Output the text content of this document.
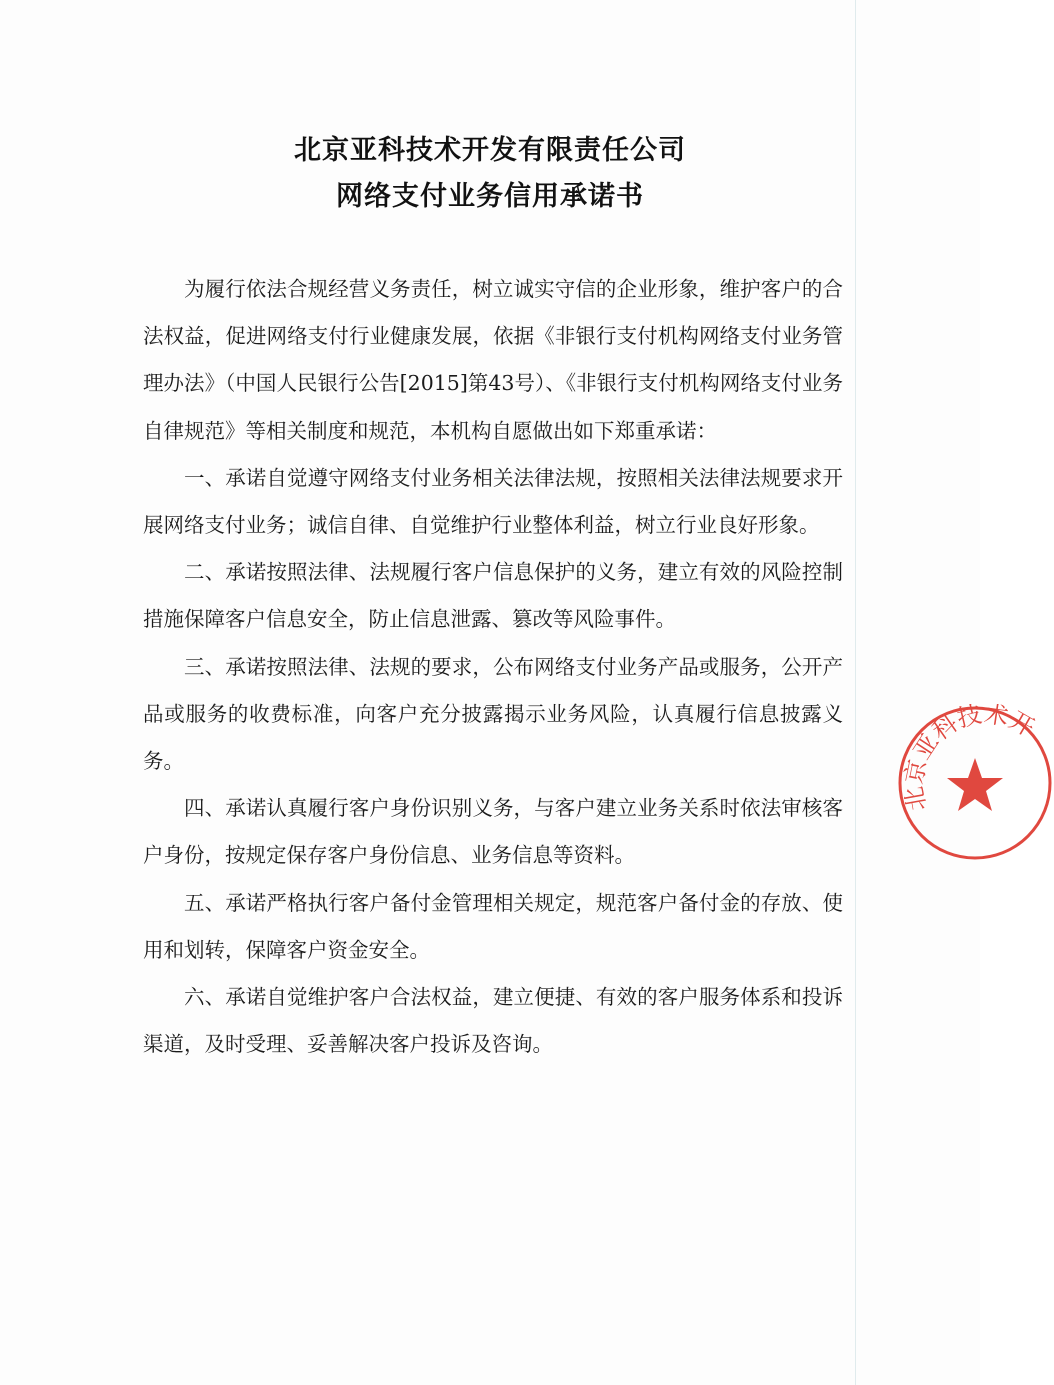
北京亚科技术开发有限责任公司
网络支付业务信用承诺书

为履行依法合规经营义务责任，树立诚实守信的企业形象，维护客户的合法权益，促进网络支付行业健康发展，依据《非银行支付机构网络支付业务管理办法》（中国人民银行公告[2015]第43号）、《非银行支付机构网络支付业务自律规范》等相关制度和规范，本机构自愿做出如下郑重承诺：

一、承诺自觉遵守网络支付业务相关法律法规，按照相关法律法规要求开展网络支付业务；诚信自律、自觉维护行业整体利益，树立行业良好形象。

二、承诺按照法律、法规履行客户信息保护的义务，建立有效的风险控制措施保障客户信息安全，防止信息泄露、篡改等风险事件。

三、承诺按照法律、法规的要求，公布网络支付业务产品或服务，公开产品或服务的收费标准，向客户充分披露揭示业务风险，认真履行信息披露义务。

四、承诺认真履行客户身份识别义务，与客户建立业务关系时依法审核客户身份，按规定保存客户身份信息、业务信息等资料。

五、承诺严格执行客户备付金管理相关规定，规范客户备付金的存放、使用和划转，保障客户资金安全。

六、承诺自觉维护客户合法权益，建立便捷、有效的客户服务体系和投诉渠道，及时受理、妥善解决客户投诉及咨询。

北京亚科技术开
